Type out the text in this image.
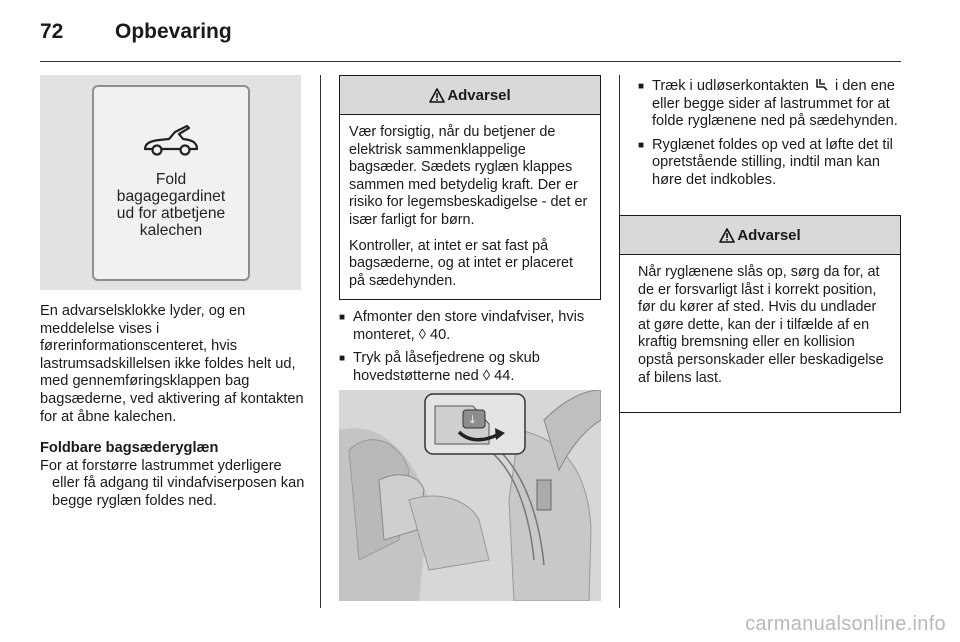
72 Opbevaring
Fold
bagagegardinet
ud for atbetjene
kalechen

En advarselsklokke lyder, og en meddelelse vises i førerinformationscenteret, hvis lastrumsadskillelsen ikke foldes helt ud, med gennemføringsklappen bag bagsæderne, ved aktivering af kontakten for at åbne kalechen.

Foldbare bagsæderyglæn

For at forstørre lastrummet yderligere eller få adgang til vindafviserposen kan begge ryglæn foldes ned.

Advarsel

Vær forsigtig, når du betjener de elektrisk sammenklappelige bagsæder. Sædets ryglæn klappes sammen med betydelig kraft. Der er risiko for legemsbeskadigelse - det er især farligt for børn.

Kontroller, at intet er sat fast på bagsæderne, og at intet er placeret på sædehynden.

■ Afmonter den store vindafviser, hvis monteret, ◊ 40.
■ Tryk på låsefjedrene og skub hovedstøtterne ned ◊ 44.
⤓
■ Træk i udløserkontakten i den ene eller begge sider af lastrummet for at folde ryglænene ned på sædehynden.
■ Ryglænet foldes op ved at løfte det til opretstående stilling, indtil man kan høre det indkobles.
Advarsel

Når ryglænene slås op, sørg da for, at de er forsvarligt låst i korrekt position, før du kører af sted. Hvis du undlader at gøre dette, kan der i tilfælde af en kraftig bremsning eller en kollision opstå personskader eller beskadigelse af bilens last.

carmanualsonline.info
